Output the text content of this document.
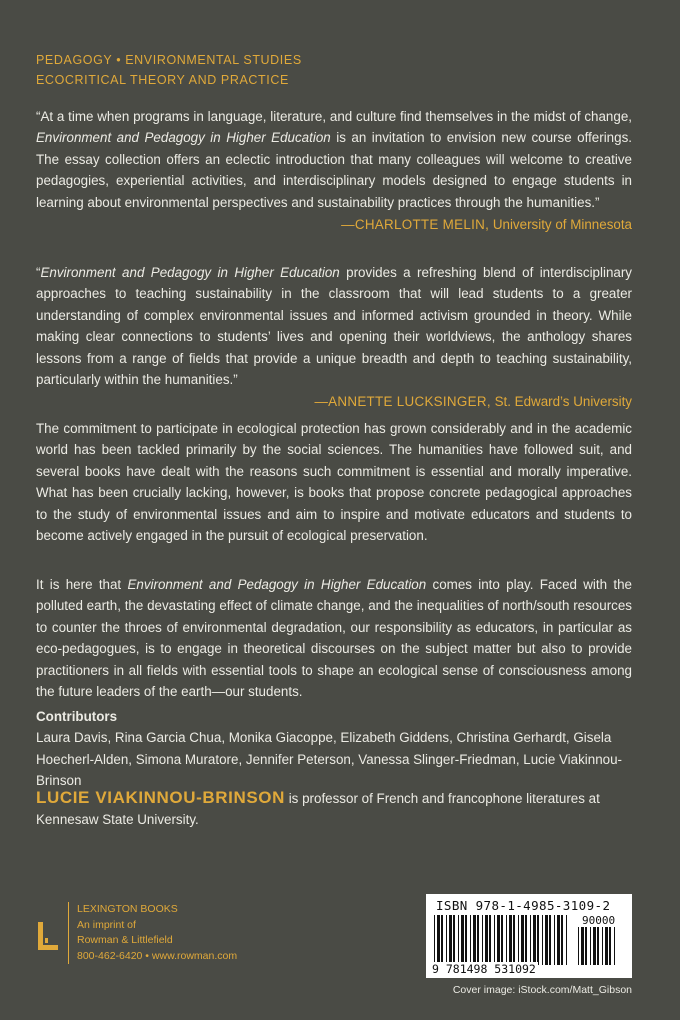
PEDAGOGY • ENVIRONMENTAL STUDIES
ECOCRITICAL THEORY AND PRACTICE
“At a time when programs in language, literature, and culture find themselves in the midst of change, Environment and Pedagogy in Higher Education is an invitation to envision new course offerings. The essay collection offers an eclectic introduction that many colleagues will welcome to creative pedagogies, experiential activities, and interdisciplinary models designed to engage students in learning about environmental perspectives and sustainability practices through the humanities.”
—CHARLOTTE MELIN, University of Minnesota
“Environment and Pedagogy in Higher Education provides a refreshing blend of interdisciplinary approaches to teaching sustainability in the classroom that will lead students to a greater understanding of complex environmental issues and informed activism grounded in theory. While making clear connections to students’ lives and opening their worldviews, the anthology shares lessons from a range of fields that provide a unique breadth and depth to teaching sustainability, particularly within the humanities.”
—ANNETTE LUCKSINGER, St. Edward’s University
The commitment to participate in ecological protection has grown considerably and in the academic world has been tackled primarily by the social sciences. The humanities have followed suit, and several books have dealt with the reasons such commitment is essential and morally imperative. What has been crucially lacking, however, is books that propose concrete pedagogical approaches to the study of environmental issues and aim to inspire and motivate educators and students to become actively engaged in the pursuit of ecological preservation.
It is here that Environment and Pedagogy in Higher Education comes into play. Faced with the polluted earth, the devastating effect of climate change, and the inequalities of north/south resources to counter the throes of environmental degradation, our responsibility as educators, in particular as eco-pedagogues, is to engage in theoretical discourses on the subject matter but also to provide practitioners in all fields with essential tools to shape an ecological sense of consciousness among the future leaders of the earth—our students.
Contributors
Laura Davis, Rina Garcia Chua, Monika Giacoppe, Elizabeth Giddens, Christina Gerhardt, Gisela Hoecherl-Alden, Simona Muratore, Jennifer Peterson, Vanessa Slinger-Friedman, Lucie Viakinnou-Brinson
LUCIE VIAKINNOU-BRINSON is professor of French and francophone literatures at Kennesaw State University.
LEXINGTON BOOKS
An imprint of
Rowman & Littlefield
800-462-6420 • www.rowman.com
ISBN 978-1-4985-3109-2
90000
9 781498 531092
Cover image: iStock.com/Matt_Gibson
